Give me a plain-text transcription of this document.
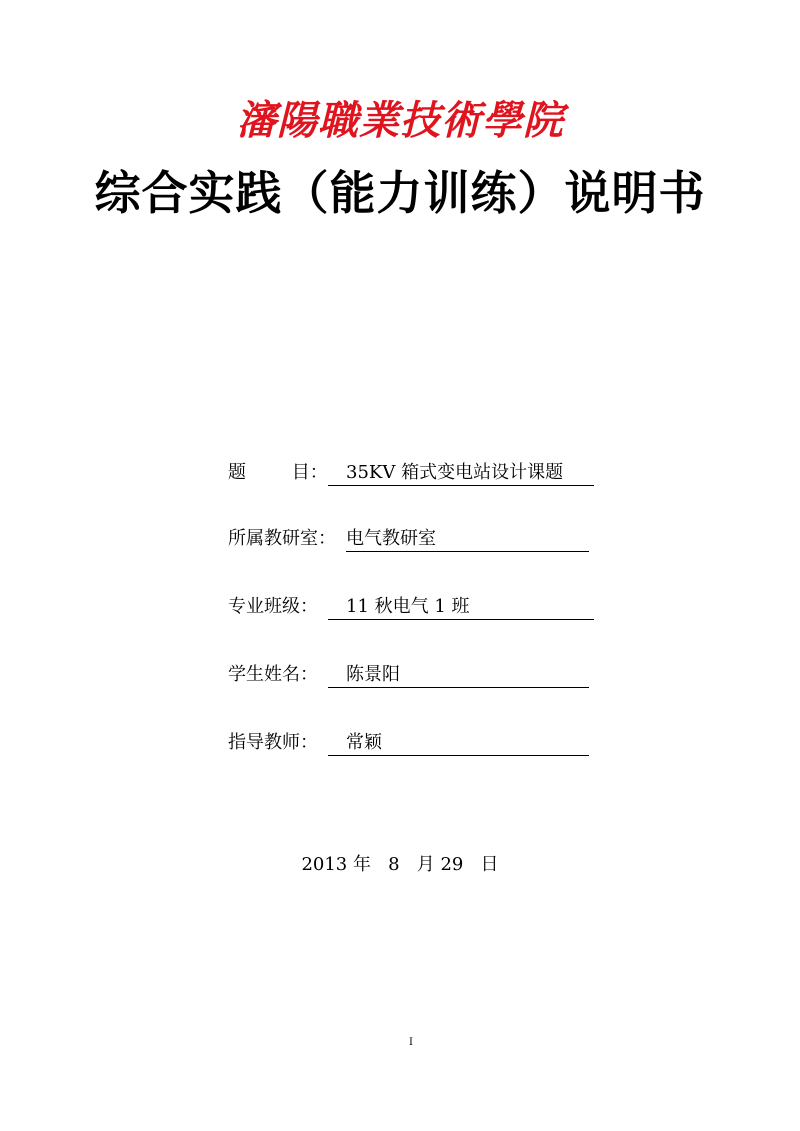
瀋陽職業技術學院
综合实践（能力训练）说明书
题        目：	35KV 箱式变电站设计课题
所属教研室： 电气教研室
专业班级：	11 秋电气 1 班
学生姓名：	陈景阳
指导教师：	常颖
2013 年   8   月 29   日
I
